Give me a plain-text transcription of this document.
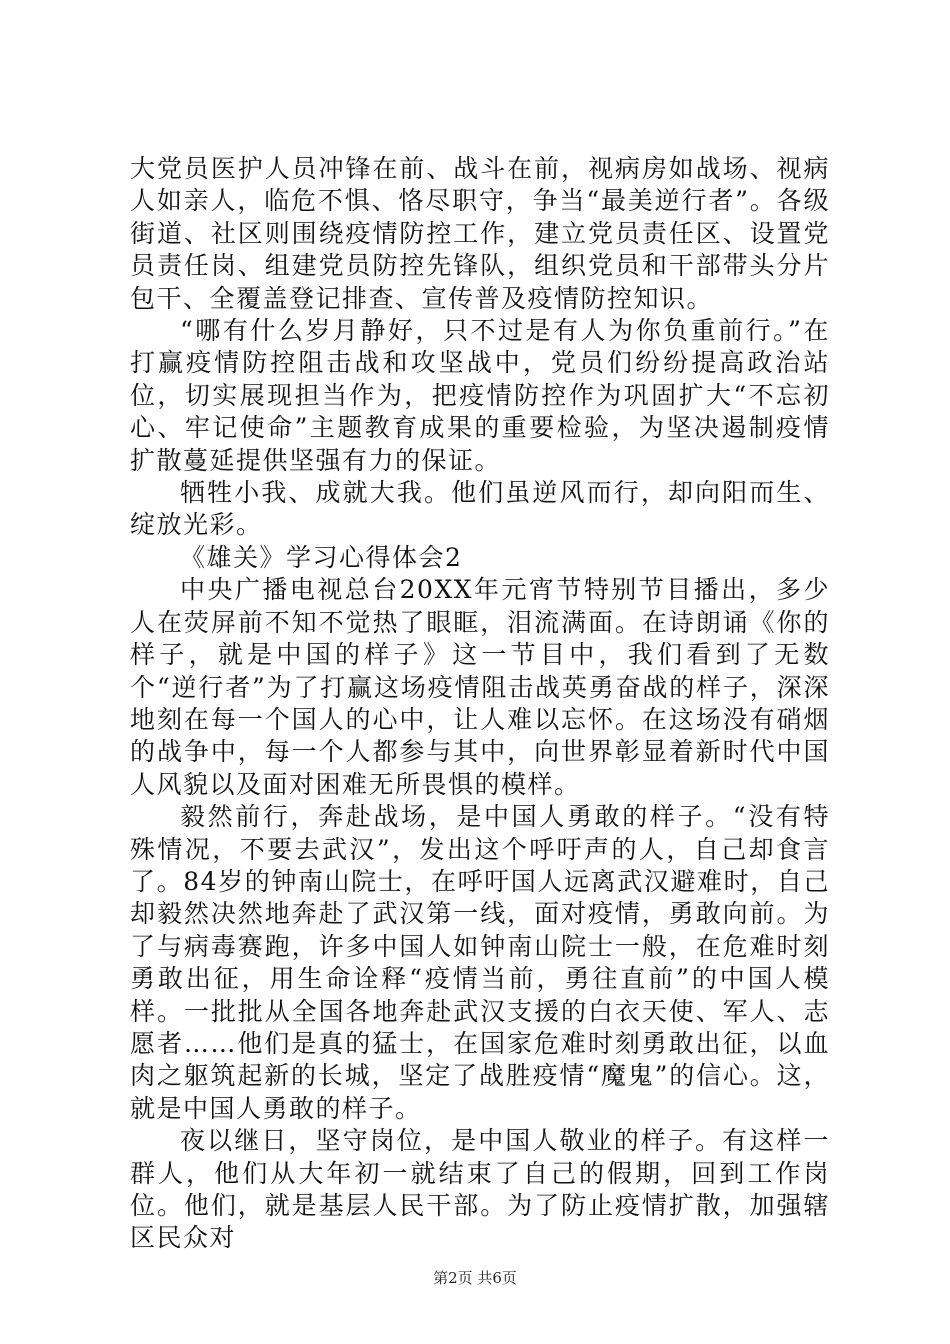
大党员医护人员冲锋在前、战斗在前，视病房如战场、视病人如亲人，临危不惧、恪尽职守，争当“最美逆行者”。各级街道、社区则围绕疫情防控工作，建立党员责任区、设置党员责任岗、组建党员防控先锋队，组织党员和干部带头分片包干、全覆盖登记排查、宣传普及疫情防控知识。

“哪有什么岁月静好，只不过是有人为你负重前行。”在打赢疫情防控阻击战和攻坚战中，党员们纷纷提高政治站位，切实展现担当作为，把疫情防控作为巩固扩大“不忘初心、牢记使命”主题教育成果的重要检验，为坚决遏制疫情扩散蔓延提供坚强有力的保证。

牺牲小我、成就大我。他们虽逆风而行，却向阳而生、绽放光彩。

《雄关》学习心得体会2

中央广播电视总台20XX年元宵节特别节目播出，多少人在荧屏前不知不觉热了眼眶，泪流满面。在诗朗诵《你的样子，就是中国的样子》这一节目中，我们看到了无数个“逆行者”为了打赢这场疫情阻击战英勇奋战的样子，深深地刻在每一个国人的心中，让人难以忘怀。在这场没有硝烟的战争中，每一个人都参与其中，向世界彰显着新时代中国人风貌以及面对困难无所畏惧的模样。

毅然前行，奔赴战场，是中国人勇敢的样子。“没有特殊情况，不要去武汉”，发出这个呼吁声的人，自己却食言了。84岁的钟南山院士，在呼吁国人远离武汉避难时，自己却毅然决然地奔赴了武汉第一线，面对疫情，勇敢向前。为了与病毒赛跑，许多中国人如钟南山院士一般，在危难时刻勇敢出征，用生命诠释“疫情当前，勇往直前”的中国人模样。一批批从全国各地奔赴武汉支援的白衣天使、军人、志愿者……他们是真的猛士，在国家危难时刻勇敢出征，以血肉之躯筑起新的长城，坚定了战胜疫情“魔鬼”的信心。这，就是中国人勇敢的样子。

夜以继日，坚守岗位，是中国人敬业的样子。有这样一群人，他们从大年初一就结束了自己的假期，回到工作岗位。他们，就是基层人民干部。为了防止疫情扩散，加强辖区民众对

第2页 共6页
